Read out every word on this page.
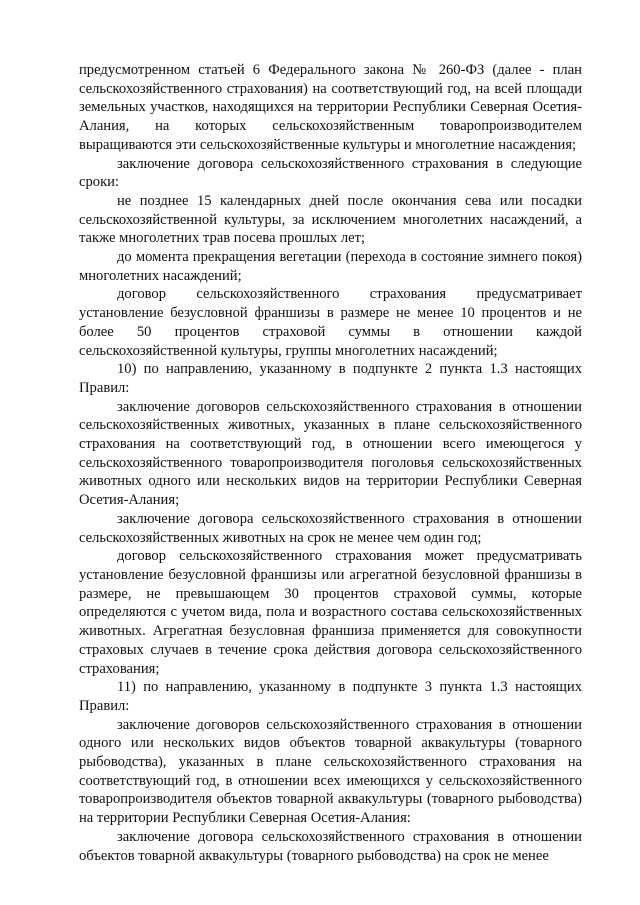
предусмотренном статьей 6 Федерального закона № 260-ФЗ (далее - план сельскохозяйственного страхования) на соответствующий год, на всей площади земельных участков, находящихся на территории Республики Северная Осетия-Алания, на которых сельскохозяйственным товаропроизводителем выращиваются эти сельскохозяйственные культуры и многолетние насаждения;

заключение договора сельскохозяйственного страхования в следующие сроки:

не позднее 15 календарных дней после окончания сева или посадки сельскохозяйственной культуры, за исключением многолетних насаждений, а также многолетних трав посева прошлых лет;

до момента прекращения вегетации (перехода в состояние зимнего покоя) многолетних насаждений;

договор сельскохозяйственного страхования предусматривает установление безусловной франшизы в размере не менее 10 процентов и не более 50 процентов страховой суммы в отношении каждой сельскохозяйственной культуры, группы многолетних насаждений;

10) по направлению, указанному в подпункте 2 пункта 1.3 настоящих Правил:

заключение договоров сельскохозяйственного страхования в отношении сельскохозяйственных животных, указанных в плане сельскохозяйственного страхования на соответствующий год, в отношении всего имеющегося у сельскохозяйственного товаропроизводителя поголовья сельскохозяйственных животных одного или нескольких видов на территории Республики Северная Осетия-Алания;

заключение договора сельскохозяйственного страхования в отношении сельскохозяйственных животных на срок не менее чем один год;

договор сельскохозяйственного страхования может предусматривать установление безусловной франшизы или агрегатной безусловной франшизы в размере, не превышающем 30 процентов страховой суммы, которые определяются с учетом вида, пола и возрастного состава сельскохозяйственных животных. Агрегатная безусловная франшиза применяется для совокупности страховых случаев в течение срока действия договора сельскохозяйственного страхования;

11) по направлению, указанному в подпункте 3 пункта 1.3 настоящих Правил:

заключение договоров сельскохозяйственного страхования в отношении одного или нескольких видов объектов товарной аквакультуры (товарного рыбоводства), указанных в плане сельскохозяйственного страхования на соответствующий год, в отношении всех имеющихся у сельскохозяйственного товаропроизводителя объектов товарной аквакультуры (товарного рыбоводства) на территории Республики Северная Осетия-Алания:

заключение договора сельскохозяйственного страхования в отношении объектов товарной аквакультуры (товарного рыбоводства) на срок не менее
